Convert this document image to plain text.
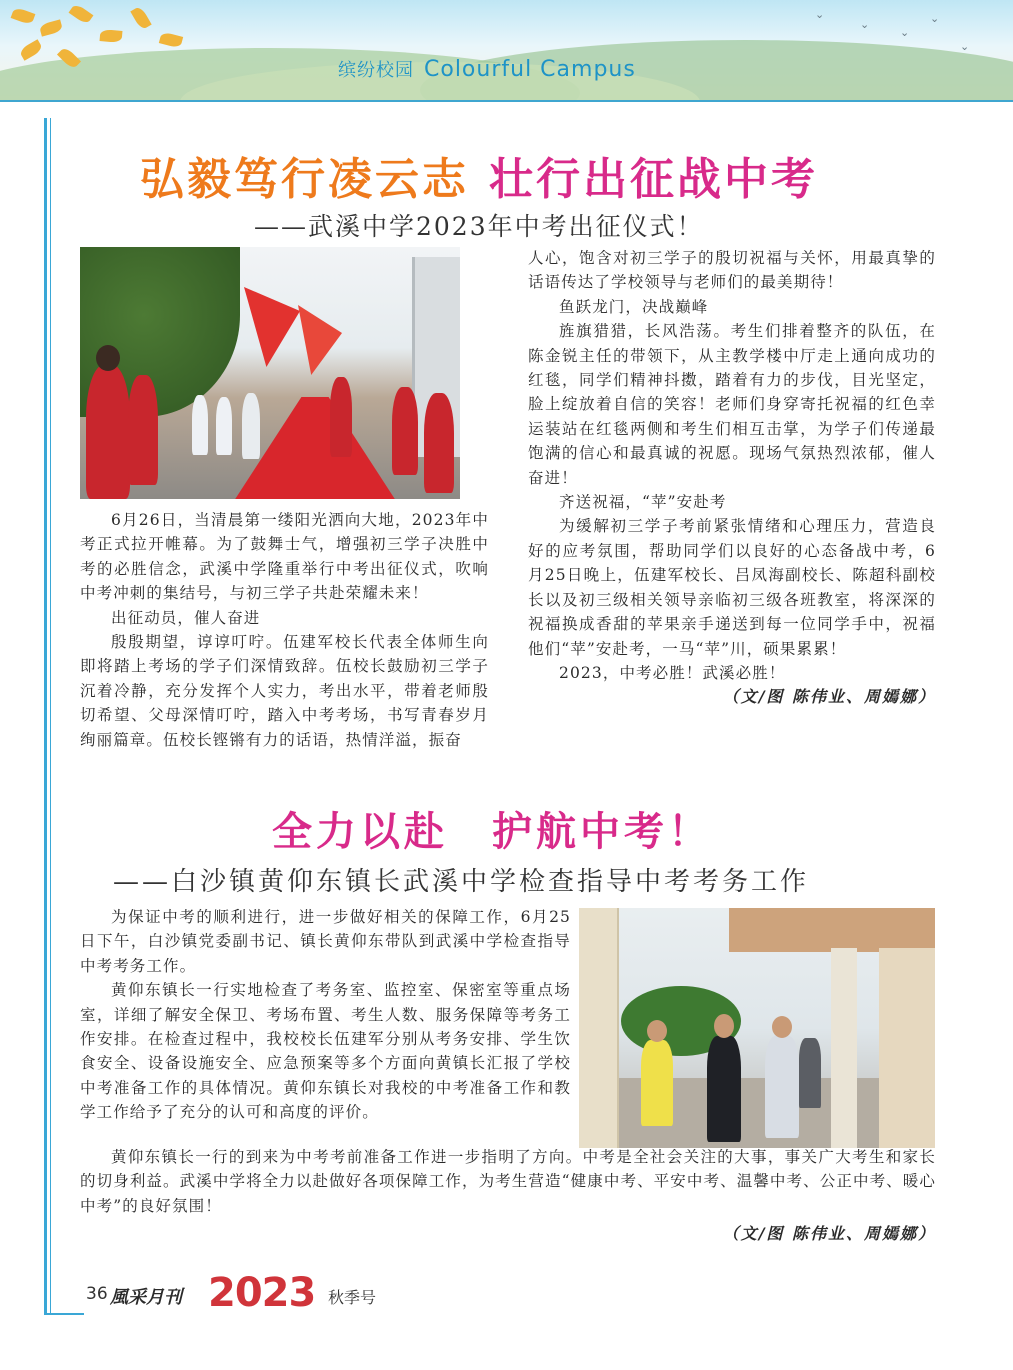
⌄
⌄
⌄
⌄
⌄
缤纷校园 Colourful Campus
弘毅笃行凌云志 壮行出征战中考
——武溪中学2023年中考出征仪式！

6月26日，当清晨第一缕阳光洒向大地，2023年中考正式拉开帷幕。为了鼓舞士气，增强初三学子决胜中考的必胜信念，武溪中学隆重举行中考出征仪式，吹响中考冲刺的集结号，与初三学子共赴荣耀未来！

出征动员，催人奋进

殷殷期望，谆谆叮咛。伍建军校长代表全体师生向即将踏上考场的学子们深情致辞。伍校长鼓励初三学子沉着冷静，充分发挥个人实力，考出水平，带着老师殷切希望、父母深情叮咛，踏入中考考场，书写青春岁月绚丽篇章。伍校长铿锵有力的话语，热情洋溢，振奋

人心，饱含对初三学子的殷切祝福与关怀，用最真挚的话语传达了学校领导与老师们的最美期待！

鱼跃龙门，决战巅峰

旌旗猎猎，长风浩荡。考生们排着整齐的队伍，在陈金锐主任的带领下，从主教学楼中厅走上通向成功的红毯，同学们精神抖擞，踏着有力的步伐，目光坚定，脸上绽放着自信的笑容！老师们身穿寄托祝福的红色幸运装站在红毯两侧和考生们相互击掌，为学子们传递最饱满的信心和最真诚的祝愿。现场气氛热烈浓郁，催人奋进！

齐送祝福，“苹”安赴考

为缓解初三学子考前紧张情绪和心理压力，营造良好的应考氛围，帮助同学们以良好的心态备战中考，6月25日晚上，伍建军校长、吕凤海副校长、陈超科副校长以及初三级相关领导亲临初三级各班教室，将深深的祝福换成香甜的苹果亲手递送到每一位同学手中，祝福他们“苹”安赴考，一马“苹”川，硕果累累！

2023，中考必胜！武溪必胜！

（文/图 陈伟业、周嫣娜）

全力以赴　护航中考！
——白沙镇黄仰东镇长武溪中学检查指导中考考务工作

为保证中考的顺利进行，进一步做好相关的保障工作，6月25日下午，白沙镇党委副书记、镇长黄仰东带队到武溪中学检查指导中考考务工作。

黄仰东镇长一行实地检查了考务室、监控室、保密室等重点场室，详细了解安全保卫、考场布置、考生人数、服务保障等考务工作安排。在检查过程中，我校校长伍建军分别从考务安排、学生饮食安全、设备设施安全、应急预案等多个方面向黄镇长汇报了学校中考准备工作的具体情况。黄仰东镇长对我校的中考准备工作和教学工作给予了充分的认可和高度的评价。

黄仰东镇长一行的到来为中考考前准备工作进一步指明了方向。中考是全社会关注的大事，事关广大考生和家长的切身利益。武溪中学将全力以赴做好各项保障工作，为考生营造“健康中考、平安中考、温馨中考、公正中考、暖心中考”的良好氛围！

（文/图 陈伟业、周嫣娜）

36 風采月刊 2023 秋季号
